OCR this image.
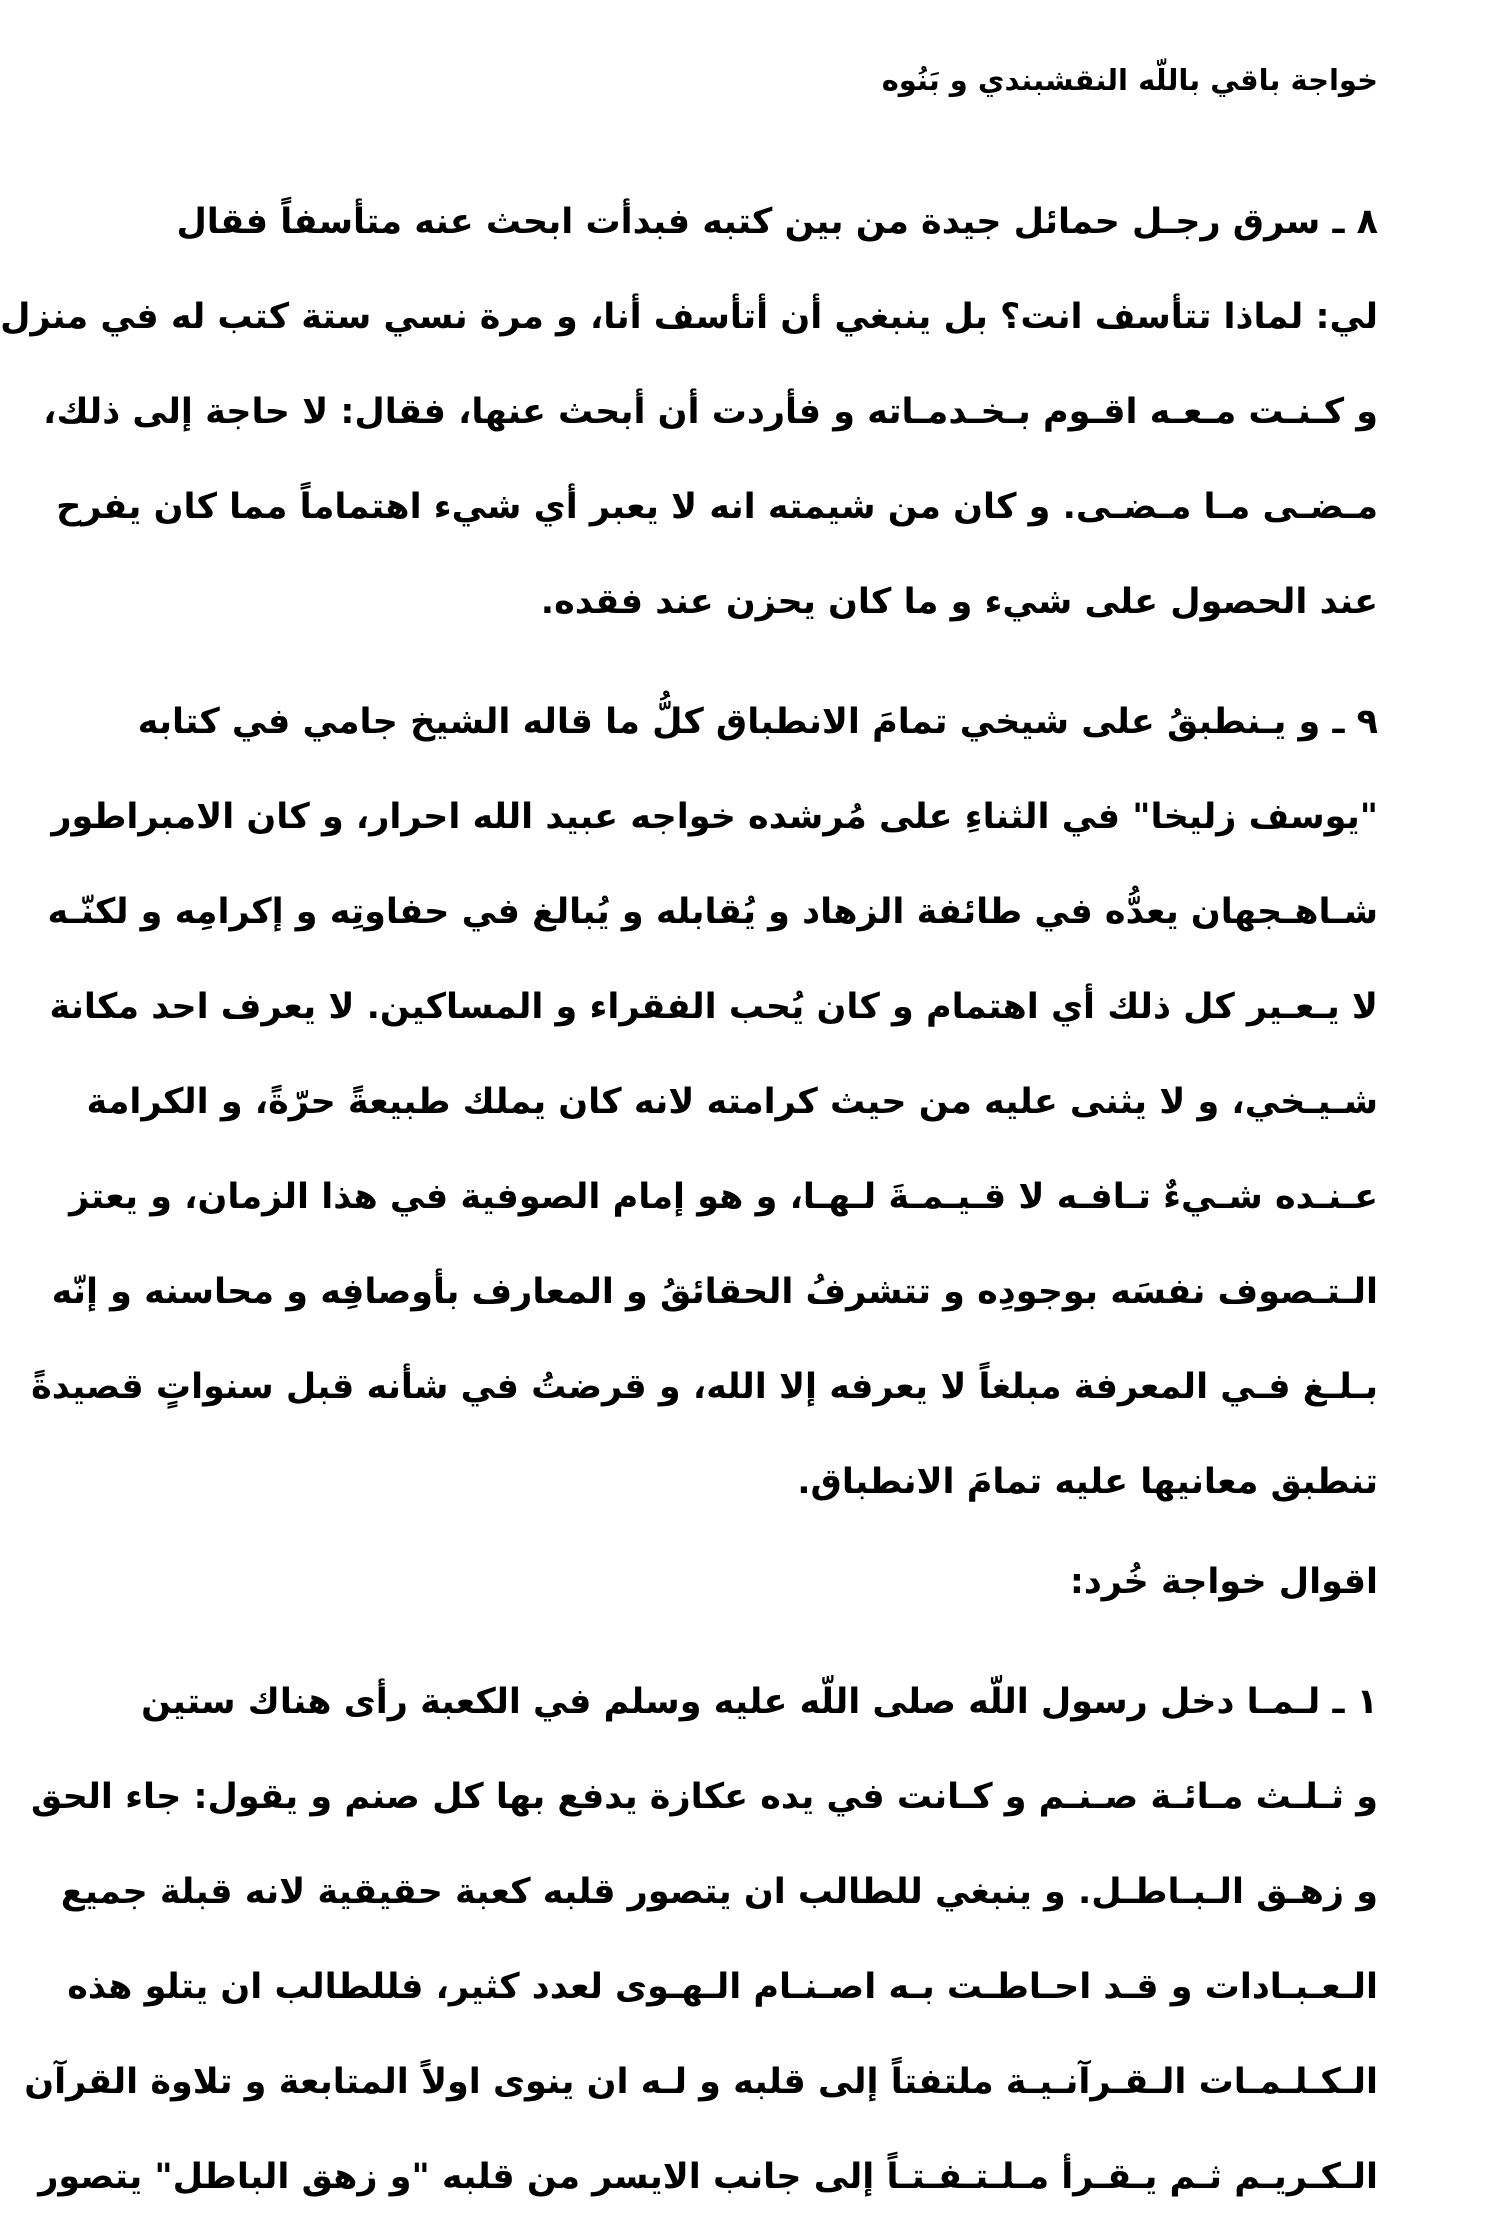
خواجة باقي باللّه النقشبندي و بَنُوه
٨ ـ سرق رجـل حمائل جيدة من بين كتبه فبدأت ابحث عنه متأسفاً فقال
لي: لماذا تتأسف انت؟ بل ينبغي أن أتأسف أنا، و مرة نسي ستة كتب له في منزل
و كـنـت مـعـه اقـوم بـخـدمـاته و فأردت أن أبحث عنها، فقال: لا حاجة إلى ذلك،
مـضـى مـا مـضـى. و كان من شيمته انه لا يعبر أي شيء اهتماماً مما كان يفرح
عند الحصول على شيء و ما كان يحزن عند فقده.
٩ ـ و يـنطبقُ على شيخي تمامَ الانطباق كلُّ ما قاله الشيخ جامي في كتابه
"يوسف زليخا" في الثناءِ على مُرشده خواجه عبيد الله احرار، و كان الامبراطور
شـاهـجهان يعدُّه في طائفة الزهاد و يُقابله و يُبالغ في حفاوتِه و إكرامِه و لكنّـه
لا يـعـير كل ذلك أي اهتمام و كان يُحب الفقراء و المساكين. لا يعرف احد مكانة
شـيـخي، و لا يثنى عليه من حيث كرامته لانه كان يملك طبيعةً حرّةً، و الكرامة
عـنـده شـيءٌ تـافـه لا قـيـمـةَ لـهـا، و هو إمام الصوفية في هذا الزمان، و يعتز
الـتـصوف نفسَه بوجودِه و تتشرفُ الحقائقُ و المعارف بأوصافِه و محاسنه و إنّه
بـلـغ فـي المعرفة مبلغاً لا يعرفه إلا الله، و قرضتُ في شأنه قبل سنواتٍ قصيدةً
تنطبق معانيها عليه تمامَ الانطباق.
اقوال خواجة خُرد:
١ ـ لـمـا دخل رسول اللّه صلى اللّه عليه وسلم في الكعبة رأى هناك ستين
و ثـلـث مـائـة صـنـم و كـانت في يده عكازة يدفع بها كل صنم و يقول: جاء الحق
و زهـق الـبـاطـل. و ينبغي للطالب ان يتصور قلبه كعبة حقيقية لانه قبلة جميع
الـعـبـادات و قـد احـاطـت بـه اصـنـام الـهـوى لعدد كثير، فللطالب ان يتلو هذه
الـكـلـمـات الـقـرآنـيـة ملتفتاً إلى قلبه و لـه ان ينوى اولاً المتابعة و تلاوة القرآن
الـكـريـم ثـم يـقـرأ مـلـتـفـتـاً إلى جانب الايسر من قلبه "و زهق الباطل" يتصور
